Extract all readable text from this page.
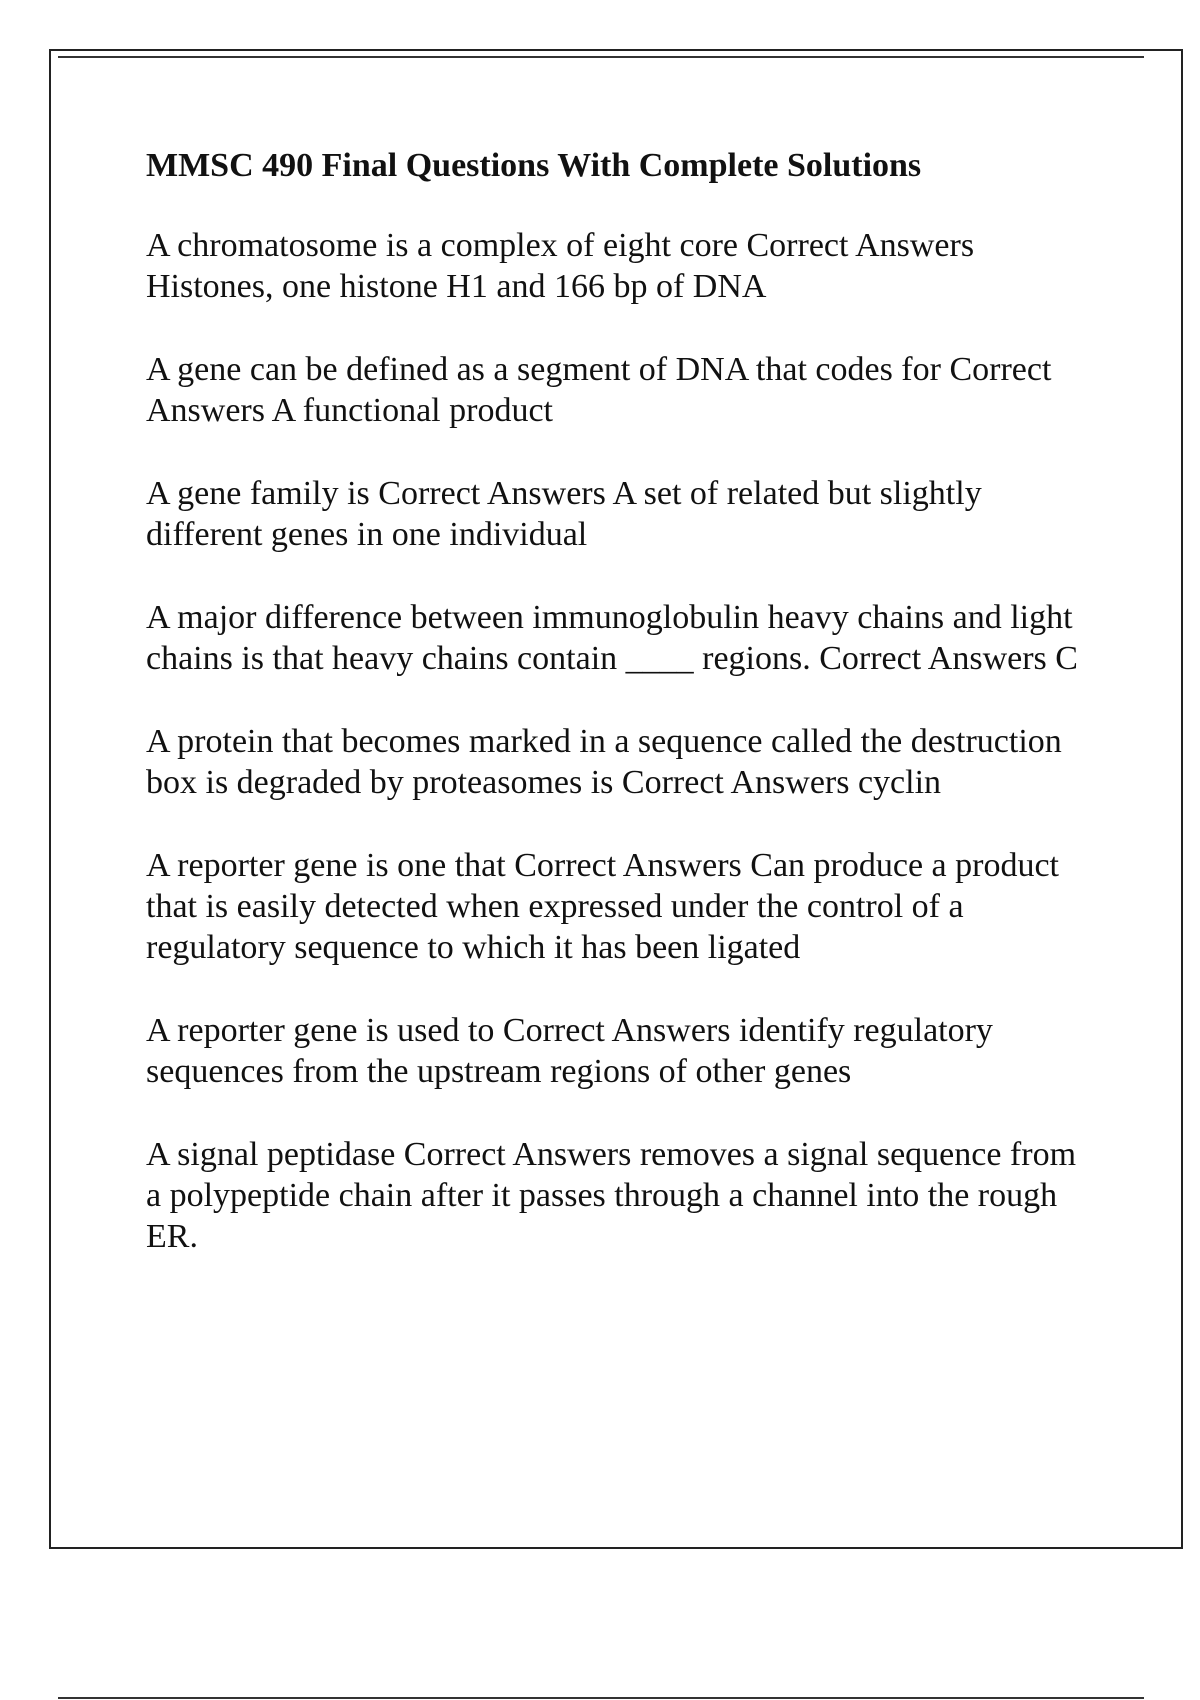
MMSC 490 Final Questions With Complete Solutions

A chromatosome is a complex of eight core Correct Answers Histones, one histone H1 and 166 bp of DNA

A gene can be defined as a segment of DNA that codes for Correct Answers A functional product

A gene family is Correct Answers A set of related but slightly different genes in one individual

A major difference between immunoglobulin heavy chains and light chains is that heavy chains contain ____ regions. Correct Answers C

A protein that becomes marked in a sequence called the destruction box is degraded by proteasomes is Correct Answers cyclin

A reporter gene is one that Correct Answers Can produce a product that is easily detected when expressed under the control of a regulatory sequence to which it has been ligated

A reporter gene is used to Correct Answers identify regulatory sequences from the upstream regions of other genes

A signal peptidase Correct Answers removes a signal sequence from a polypeptide chain after it passes through a channel into the rough ER.
